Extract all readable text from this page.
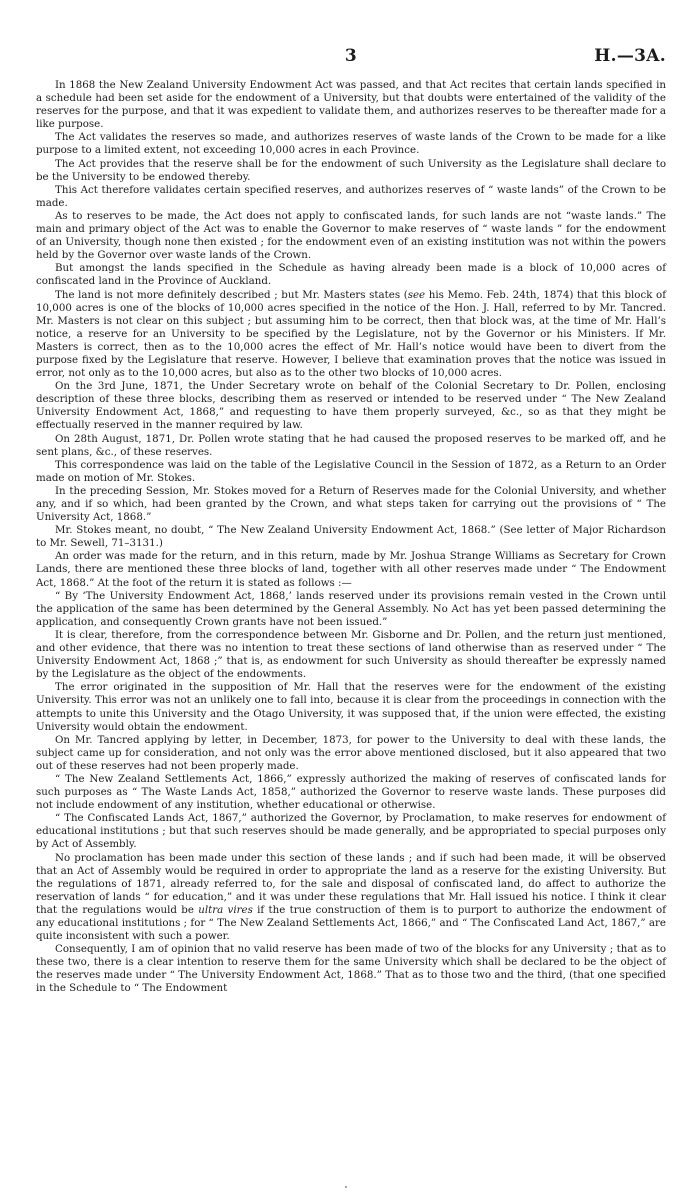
3	H.—3A.

In 1868 the New Zealand University Endowment Act was passed, and that Act recites that certain lands specified in a schedule had been set aside for the endowment of a University, but that doubts were entertained of the validity of the reserves for the purpose, and that it was expedient to validate them, and authorizes reserves to be thereafter made for a like purpose.

The Act validates the reserves so made, and authorizes reserves of waste lands of the Crown to be made for a like purpose to a limited extent, not exceeding 10,000 acres in each Province.

The Act provides that the reserve shall be for the endowment of such University as the Legislature shall declare to be the University to be endowed thereby.

This Act therefore validates certain specified reserves, and authorizes reserves of “ waste lands” of the Crown to be made.

As to reserves to be made, the Act does not apply to confiscated lands, for such lands are not “waste lands.” The main and primary object of the Act was to enable the Governor to make reserves of “ waste lands ” for the endowment of an University, though none then existed ; for the endowment even of an existing institution was not within the powers held by the Governor over waste lands of the Crown.

But amongst the lands specified in the Schedule as having already been made is a block of 10,000 acres of confiscated land in the Province of Auckland.

The land is not more definitely described ; but Mr. Masters states (see his Memo. Feb. 24th, 1874) that this block of 10,000 acres is one of the blocks of 10,000 acres specified in the notice of the Hon. J. Hall, referred to by Mr. Tancred. Mr. Masters is not clear on this subject ; but assuming him to be correct, then that block was, at the time of Mr. Hall’s notice, a reserve for an University to be specified by the Legislature, not by the Governor or his Ministers. If Mr. Masters is correct, then as to the 10,000 acres the effect of Mr. Hall’s notice would have been to divert from the purpose fixed by the Legislature that reserve. However, I believe that examination proves that the notice was issued in error, not only as to the 10,000 acres, but also as to the other two blocks of 10,000 acres.

On the 3rd June, 1871, the Under Secretary wrote on behalf of the Colonial Secretary to Dr. Pollen, enclosing description of these three blocks, describing them as reserved or intended to be reserved under “ The New Zealand University Endowment Act, 1868,” and requesting to have them properly surveyed, &c., so as that they might be effectually reserved in the manner required by law.

On 28th August, 1871, Dr. Pollen wrote stating that he had caused the proposed reserves to be marked off, and he sent plans, &c., of these reserves.

This correspondence was laid on the table of the Legislative Council in the Session of 1872, as a Return to an Order made on motion of Mr. Stokes.

In the preceding Session, Mr. Stokes moved for a Return of Reserves made for the Colonial University, and whether any, and if so which, had been granted by the Crown, and what steps taken for carrying out the provisions of “ The University Act, 1868.”

Mr. Stokes meant, no doubt, “ The New Zealand University Endowment Act, 1868.” (See letter of Major Richardson to Mr. Sewell, 71–3131.)

An order was made for the return, and in this return, made by Mr. Joshua Strange Williams as Secretary for Crown Lands, there are mentioned these three blocks of land, together with all other reserves made under “ The Endowment Act, 1868.” At the foot of the return it is stated as follows :—

“ By ‘The University Endowment Act, 1868,’ lands reserved under its provisions remain vested in the Crown until the application of the same has been determined by the General Assembly. No Act has yet been passed determining the application, and consequently Crown grants have not been issued.”

It is clear, therefore, from the correspondence between Mr. Gisborne and Dr. Pollen, and the return just mentioned, and other evidence, that there was no intention to treat these sections of land otherwise than as reserved under “ The University Endowment Act, 1868 ;” that is, as endowment for such University as should thereafter be expressly named by the Legislature as the object of the endowments.

The error originated in the supposition of Mr. Hall that the reserves were for the endowment of the existing University. This error was not an unlikely one to fall into, because it is clear from the proceedings in connection with the attempts to unite this University and the Otago University, it was supposed that, if the union were effected, the existing University would obtain the endowment.

On Mr. Tancred applying by letter, in December, 1873, for power to the University to deal with these lands, the subject came up for consideration, and not only was the error above mentioned disclosed, but it also appeared that two out of these reserves had not been properly made.

“ The New Zealand Settlements Act, 1866,” expressly authorized the making of reserves of confiscated lands for such purposes as “ The Waste Lands Act, 1858,” authorized the Governor to reserve waste lands. These purposes did not include endowment of any institution, whether educational or otherwise.

“ The Confiscated Lands Act, 1867,” authorized the Governor, by Proclamation, to make reserves for endowment of educational institutions ; but that such reserves should be made generally, and be appropriated to special purposes only by Act of Assembly.

No proclamation has been made under this section of these lands ; and if such had been made, it will be observed that an Act of Assembly would be required in order to appropriate the land as a reserve for the existing University. But the regulations of 1871, already referred to, for the sale and disposal of confiscated land, do affect to authorize the reservation of lands “ for education,” and it was under these regulations that Mr. Hall issued his notice. I think it clear that the regulations would be ultra vires if the true construction of them is to purport to authorize the endowment of any educational institutions ; for “ The New Zealand Settlements Act, 1866,” and “ The Confiscated Land Act, 1867,” are quite inconsistent with such a power.

Consequently, I am of opinion that no valid reserve has been made of two of the blocks for any University ; that as to these two, there is a clear intention to reserve them for the same University which shall be declared to be the object of the reserves made under “ The University Endowment Act, 1868.” That as to those two and the third, (that one specified in the Schedule to “ The Endowment
